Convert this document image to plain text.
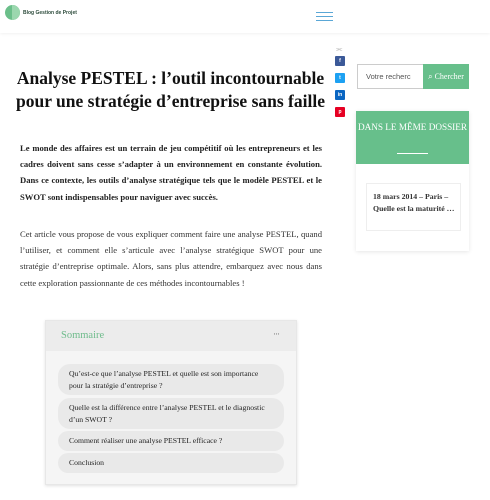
Blog Gestion de Projet
Analyse PESTEL : l’outil incontournable pour une stratégie d’entreprise sans faille
⫘
f
t
in
p

Le monde des affaires est un terrain de jeu compétitif où les entrepreneurs et les cadres doivent sans cesse s’adapter à un environnement en constante évolution. Dans ce contexte, les outils d’analyse stratégique tels que le modèle PESTEL et le SWOT sont indispensables pour naviguer avec succès.

Cet article vous propose de vous expliquer comment faire une analyse PESTEL, quand l’utiliser, et comment elle s’articule avec l’analyse stratégique SWOT pour une stratégie d’entreprise optimale. Alors, sans plus attendre, embarquez avec nous dans cette exploration passionnante de ces méthodes incontournables !

Sommaire	···
Qu’est-ce que l’analyse PESTEL et quelle est son importance pour la stratégie d’entreprise ?
Quelle est la différence entre l’analyse PESTEL et le diagnostic d’un SWOT ?
Comment réaliser une analyse PESTEL efficace ?
Conclusion
Votre recherc
⌕ Chercher
DANS LE MÊME DOSSIER
18 mars 2014 – Paris – Quelle est la maturité …
